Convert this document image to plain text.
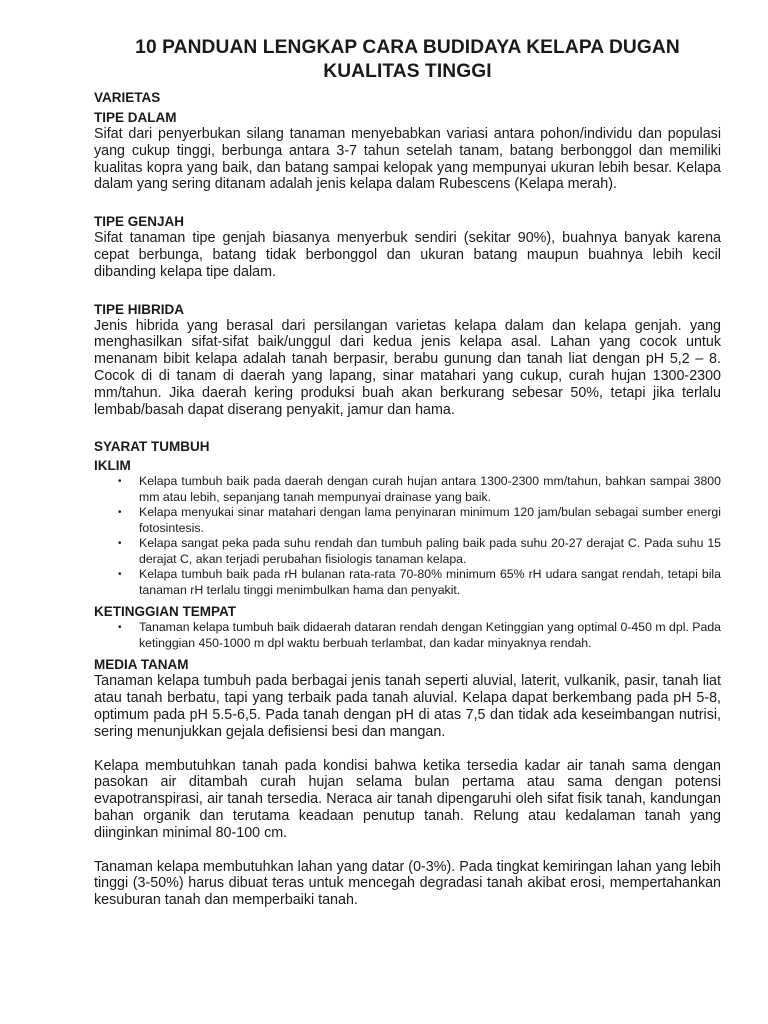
10 PANDUAN LENGKAP CARA BUDIDAYA KELAPA DUGAN KUALITAS TINGGI
VARIETAS
TIPE DALAM

Sifat dari penyerbukan silang tanaman menyebabkan variasi antara pohon/individu dan populasi yang cukup tinggi, berbunga antara 3-7 tahun setelah tanam, batang berbonggol dan memiliki kualitas kopra yang baik, dan batang sampai kelopak yang mempunyai ukuran lebih besar. Kelapa dalam yang sering ditanam adalah jenis kelapa dalam Rubescens (Kelapa merah).

TIPE GENJAH

Sifat tanaman tipe genjah biasanya menyerbuk sendiri (sekitar 90%), buahnya banyak karena cepat berbunga, batang tidak berbonggol dan ukuran batang maupun buahnya lebih kecil dibanding kelapa tipe dalam.

TIPE HIBRIDA

Jenis hibrida yang berasal dari persilangan varietas kelapa dalam dan kelapa genjah. yang menghasilkan sifat-sifat baik/unggul dari kedua jenis kelapa asal. Lahan yang cocok untuk menanam bibit kelapa adalah tanah berpasir, berabu gunung dan tanah liat dengan pH 5,2 – 8. Cocok di di tanam di daerah yang lapang, sinar matahari yang cukup, curah hujan 1300-2300 mm/tahun. Jika daerah kering produksi buah akan berkurang sebesar 50%, tetapi jika terlalu lembab/basah dapat diserang penyakit, jamur dan hama.

SYARAT TUMBUH
IKLIM
• Kelapa tumbuh baik pada daerah dengan curah hujan antara 1300-2300 mm/tahun, bahkan sampai 3800 mm atau lebih, sepanjang tanah mempunyai drainase yang baik.
• Kelapa menyukai sinar matahari dengan lama penyinaran minimum 120 jam/bulan sebagai sumber energi fotosintesis.
• Kelapa sangat peka pada suhu rendah dan tumbuh paling baik pada suhu 20-27 derajat C. Pada suhu 15 derajat C, akan terjadi perubahan fisiologis tanaman kelapa.
• Kelapa tumbuh baik pada rH bulanan rata-rata 70-80% minimum 65% rH udara sangat rendah, tetapi bila tanaman rH terlalu tinggi menimbulkan hama dan penyakit.
KETINGGIAN TEMPAT
• Tanaman kelapa tumbuh baik didaerah dataran rendah dengan Ketinggian yang optimal 0-450 m dpl. Pada ketinggian 450-1000 m dpl waktu berbuah terlambat, dan kadar minyaknya rendah.
MEDIA TANAM

Tanaman kelapa tumbuh pada berbagai jenis tanah seperti aluvial, laterit, vulkanik, pasir, tanah liat atau tanah berbatu, tapi yang terbaik pada tanah aluvial. Kelapa dapat berkembang pada pH 5-8, optimum pada pH 5.5-6,5. Pada tanah dengan pH di atas 7,5 dan tidak ada keseimbangan nutrisi, sering menunjukkan gejala defisiensi besi dan mangan.

Kelapa membutuhkan tanah pada kondisi bahwa ketika tersedia kadar air tanah sama dengan pasokan air ditambah curah hujan selama bulan pertama atau sama dengan potensi evapotranspirasi, air tanah tersedia. Neraca air tanah dipengaruhi oleh sifat fisik tanah, kandungan bahan organik dan terutama keadaan penutup tanah. Relung atau kedalaman tanah yang diinginkan minimal 80-100 cm.

Tanaman kelapa membutuhkan lahan yang datar (0-3%). Pada tingkat kemiringan lahan yang lebih tinggi (3-50%) harus dibuat teras untuk mencegah degradasi tanah akibat erosi, mempertahankan kesuburan tanah dan memperbaiki tanah.
